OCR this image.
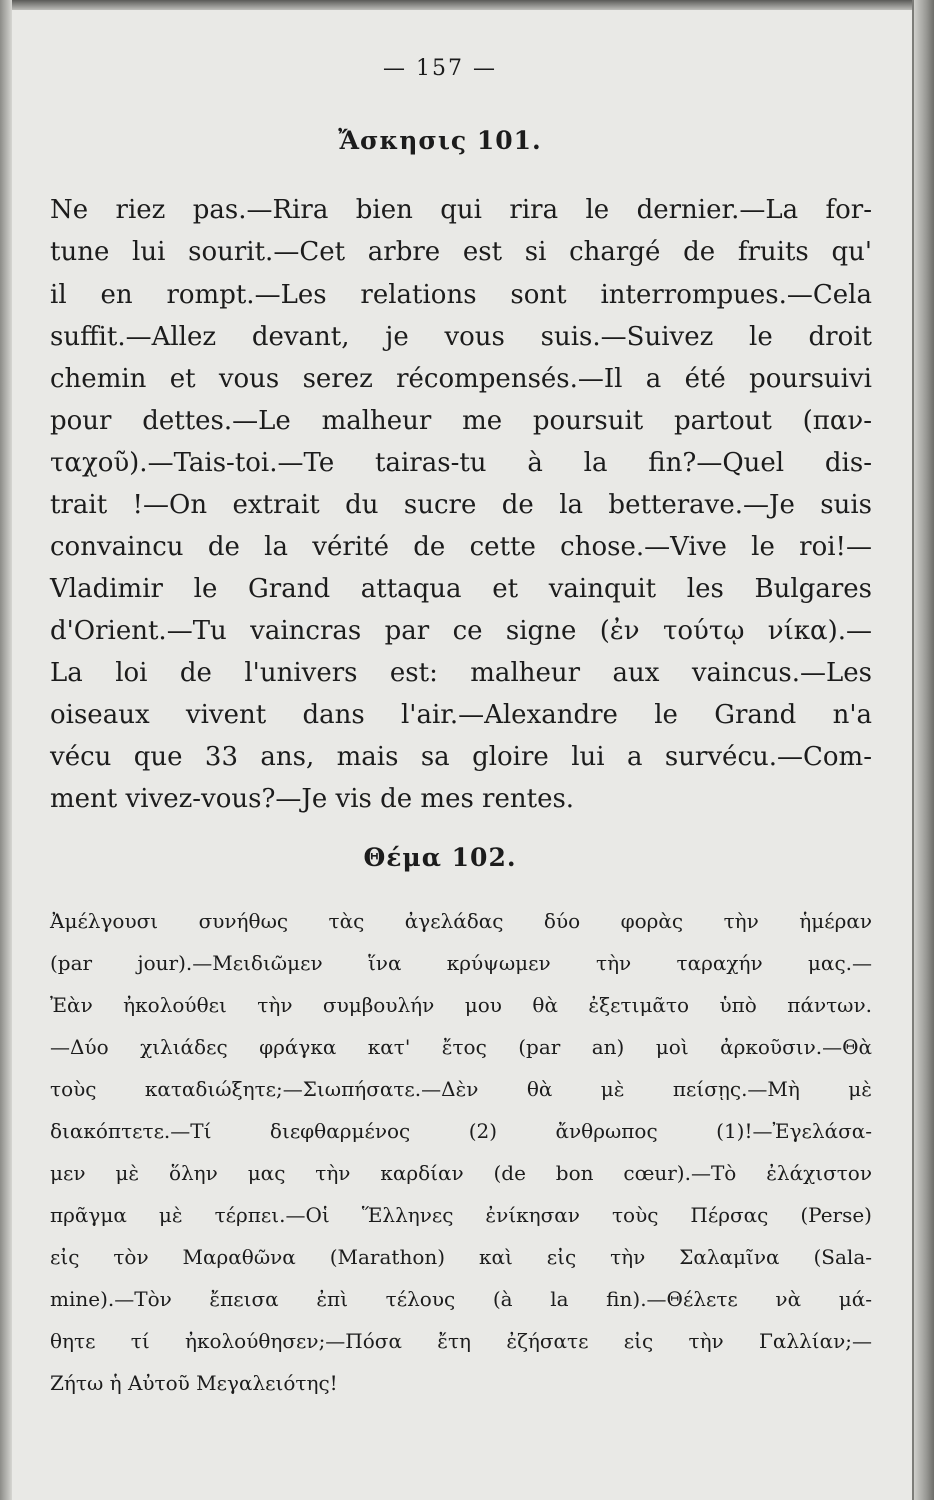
— 157 —
Ἄσκησις 101.

Ne riez pas.—Rira bien qui rira le dernier.—La for-

tune lui sourit.—Cet arbre est si chargé de fruits qu'

il en rompt.—Les relations sont interrompues.—Cela

suffit.—Allez devant, je vous suis.—Suivez le droit

chemin et vous serez récompensés.—Il a été poursuivi

pour dettes.—Le malheur me poursuit partout (παν-

ταχοῦ).—Tais-toi.—Te tairas-tu à la fin?—Quel dis-

trait !—On extrait du sucre de la betterave.—Je suis

convaincu de la vérité de cette chose.—Vive le roi!—

Vladimir le Grand attaqua et vainquit les Bulgares

d'Orient.—Tu vaincras par ce signe (ἐν τούτῳ νίκα).—

La loi de l'univers est: malheur aux vaincus.—Les

oiseaux vivent dans l'air.—Alexandre le Grand n'a

vécu que 33 ans, mais sa gloire lui a survécu.—Com-

ment vivez-vous?—Je vis de mes rentes.

Θέμα 102.

Ἀμέλγουσι συνήθως τὰς ἀγελάδας δύο φορὰς τὴν ἡμέραν

(par jour).—Μειδιῶμεν ἵνα κρύψωμεν τὴν ταραχήν μας.—

Ἐὰν ἠκολούθει τὴν συμβουλήν μου θὰ ἐξετιμᾶτο ὑπὸ πάντων.

—Δύο χιλιάδες φράγκα κατ' ἔτος (par an) μοὶ ἀρκοῦσιν.—Θὰ

τοὺς καταδιώξητε;—Σιωπήσατε.—Δὲν θὰ μὲ πείσῃς.—Μὴ μὲ

διακόπτετε.—Τί διεφθαρμένος (2) ἄνθρωπος (1)!—Ἐγελάσα-

μεν μὲ ὅλην μας τὴν καρδίαν (de bon cœur).—Τὸ ἐλάχιστον

πρᾶγμα μὲ τέρπει.—Οἱ Ἕλληνες ἐνίκησαν τοὺς Πέρσας (Perse)

εἰς τὸν Μαραθῶνα (Marathon) καὶ εἰς τὴν Σαλαμῖνα (Sala-

mine).—Τὸν ἔπεισα ἐπὶ τέλους (à la fin).—Θέλετε νὰ μά-

θητε τί ἠκολούθησεν;—Πόσα ἔτη ἐζήσατε εἰς τὴν Γαλλίαν;—

Ζήτω ἡ Αὐτοῦ Μεγαλειότης!
